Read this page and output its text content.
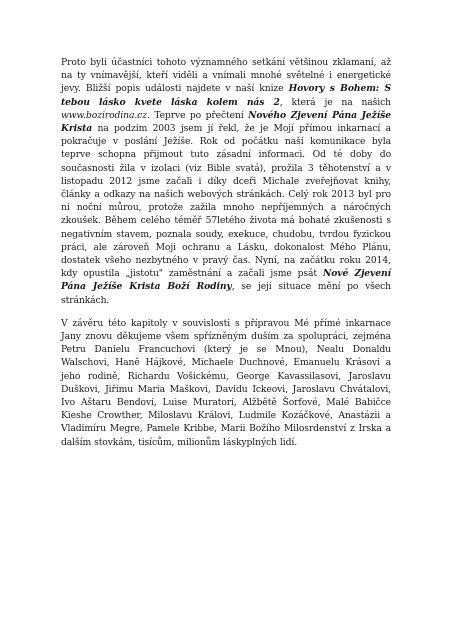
Proto byli účastníci tohoto významného setkání většinou zklamaní, až na ty vnímavější, kteří viděli a vnímali mnohé světelné i energetické jevy. Bližší popis události najdete v naší knize Hovory s Bohem: S tebou lásko kvete láska kolem nás 2, která je na našich www.bozirodina.cz. Teprve po přečtení Nového Zjevení Pána Ježíše Krista na podzim 2003 jsem jí řekl, že je Mojí přímou inkarnací a pokračuje v poslání Ježíše. Rok od počátku naší komunikace byla teprve schopna přijmout tuto zásadní informaci. Od té doby do současnosti žila v izolaci (viz Bible svatá), prožila 3 těhotenství a v listopadu 2012 jsme začali i díky dceři Michale zveřejňovat knihy, články a odkazy na našich webových stránkách. Celý rok 2013 byl pro ni noční můrou, protože zažila mnoho nepříjemných a náročných zkoušek. Během celého téměř 57letého života má bohaté zkušenosti s negativním stavem, poznala soudy, exekuce, chudobu, tvrdou fyzickou práci, ale zároveň Moji ochranu a Lásku, dokonalost Mého Plánu, dostatek všeho nezbytného v pravý čas. Nyní, na začátku roku 2014, kdy opustila „jistotu" zaměstnání a začali jsme psát Nové Zjevení Pána Ježíše Krista Boží Rodiny, se její situace mění po všech stránkách.

V závěru této kapitoly v souvislosti s přípravou Mé přímé inkarnace Jany znovu děkujeme všem spřízněným duším za spolupráci, zejména Petru Danielu Francuchovi (který je se Mnou), Nealu Donaldu Walschovi, Haně Hájkové, Michaele Duchnové, Emanuelu Krásovi a jeho rodině, Richardu Vošickému, George Kavassilasovi, Jaroslavu Duškovi, Jiřímu Maria Maškovi, Davidu Ickeovi, Jaroslavu Chvátalovi, Ivo Aštaru Bendovi, Luise Muratori, Alžbětě Šorfové, Malé Babičce Kieshe Crowther, Miloslavu Královi, Ludmile Kozáčkové, Anastázii a Vladimíru Megre, Pamele Kribbe, Marii Božího Milosrdenství z Irska a dalším stovkám, tisícům, milionům láskyplných lidí.
